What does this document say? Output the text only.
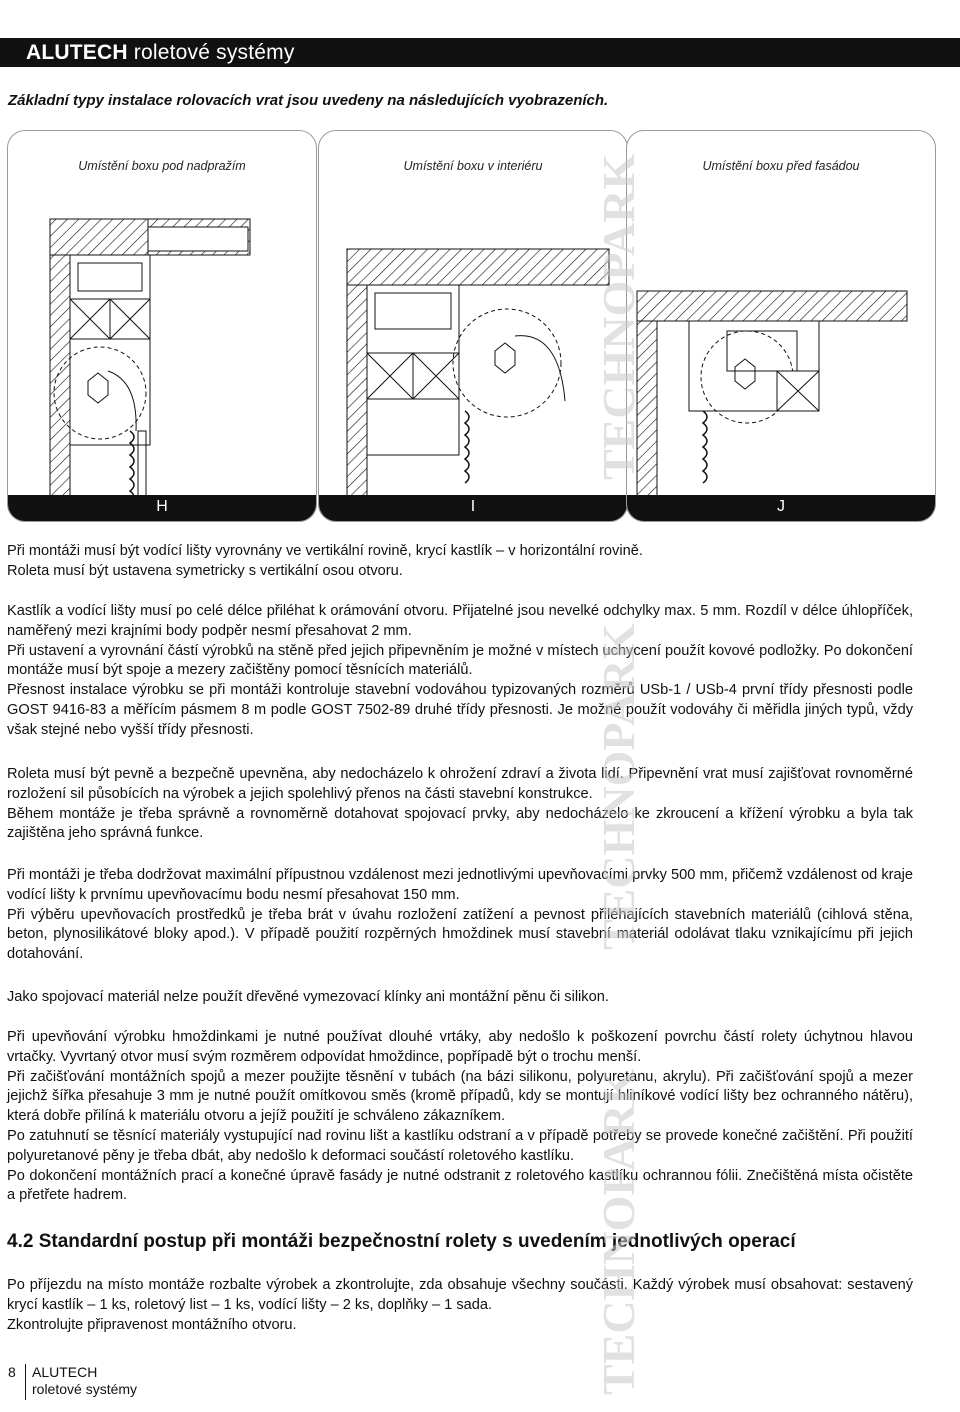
ALUTECH roletové systémy
Základní typy instalace rolovacích vrat jsou uvedeny na následujících vyobrazeních.
Umístění boxu pod nadpražím
H
Umístění boxu v interiéru
I
Umístění boxu před fasádou
J

Při montáži musí být vodící lišty vyrovnány ve vertikální rovině, krycí kastlík – v horizontální rovině.

Roleta musí být ustavena symetricky s vertikální osou otvoru.

Kastlík a vodící lišty musí po celé délce přiléhat k orámování otvoru. Přijatelné jsou nevelké odchylky max. 5 mm. Rozdíl v délce úhlopříček, naměřený mezi krajními body podpěr nesmí přesahovat 2 mm.

Při ustavení a vyrovnání částí výrobků na stěně před jejich připevněním je možné v místech uchycení použít kovové podložky. Po dokončení montáže musí být spoje a mezery začištěny pomocí těsnících materiálů.

Přesnost instalace výrobku se při montáži kontroluje stavební vodováhou typizovaných rozměrů USb-1 / USb-4 první třídy přesnosti podle GOST 9416-83 a měřícím pásmem 8 m podle GOST 7502-89 druhé třídy přesnosti. Je možné použít vodováhy či měřidla jiných typů, vždy však stejné nebo vyšší třídy přesnosti.

Roleta musí být pevně a bezpečně upevněna, aby nedocházelo k ohrožení zdraví a života lidí. Připevnění vrat musí zajišťovat rovnoměrné rozložení sil působících na výrobek a jejich spolehlivý přenos na části stavební konstrukce.

Během montáže je třeba správně a rovnoměrně dotahovat spojovací prvky, aby nedocházelo ke zkroucení a křížení výrobku a byla tak zajištěna jeho správná funkce.

Při montáži je třeba dodržovat maximální přípustnou vzdálenost mezi jednotlivými upevňovacími prvky 500 mm, přičemž vzdálenost od kraje vodící lišty k prvnímu upevňovacímu bodu nesmí přesahovat 150 mm.

Při výběru upevňovacích prostředků je třeba brát v úvahu rozložení zatížení a pevnost přiléhajících stavebních materiálů (cihlová stěna, beton, plynosilikátové bloky apod.). V případě použití rozpěrných hmoždinek musí stavební materiál odolávat tlaku vznikajícímu při jejich dotahování.

Jako spojovací materiál nelze použít dřevěné vymezovací klínky ani montážní pěnu či silikon.

Při upevňování výrobku hmoždinkami je nutné používat dlouhé vrtáky, aby nedošlo k poškození povrchu částí rolety úchytnou hlavou vrtačky. Vyvrtaný otvor musí svým rozměrem odpovídat hmoždince, popřípadě být o trochu menší.

Při začišťování montážních spojů a mezer použijte těsnění v tubách (na bázi silikonu, polyuretanu, akrylu). Při začišťování spojů a mezer jejichž šířka přesahuje 3 mm je nutné použít omítkovou směs (kromě případů, kdy se montují hliníkové vodící lišty bez ochranného nátěru), která dobře přilíná k materiálu otvoru a jejíž použití je schváleno zákazníkem.

Po zatuhnutí se těsnící materiály vystupující nad rovinu lišt a kastlíku odstraní a v případě potřeby se provede konečné začištění. Při použití polyuretanové pěny je třeba dbát, aby nedošlo k deformaci součástí roletového kastlíku.

Po dokončení montážních prací a konečné úpravě fasády je nutné odstranit z roletového kastlíku ochrannou fólii. Znečištěná místa očistěte a přetřete hadrem.

4.2 Standardní postup při montáži bezpečnostní rolety s uvedením jednotlivých operací

Po příjezdu na místo montáže rozbalte výrobek a zkontrolujte, zda obsahuje všechny součásti. Každý výrobek musí obsahovat: sestavený krycí kastlík – 1 ks, roletový list – 1 ks, vodící lišty – 2 ks, doplňky – 1 sada.

Zkontrolujte připravenost montážního otvoru.

TECHNOPARK
TECHNOPARK
TECHNOPARK
8 ALUTECH
roletové systémy
